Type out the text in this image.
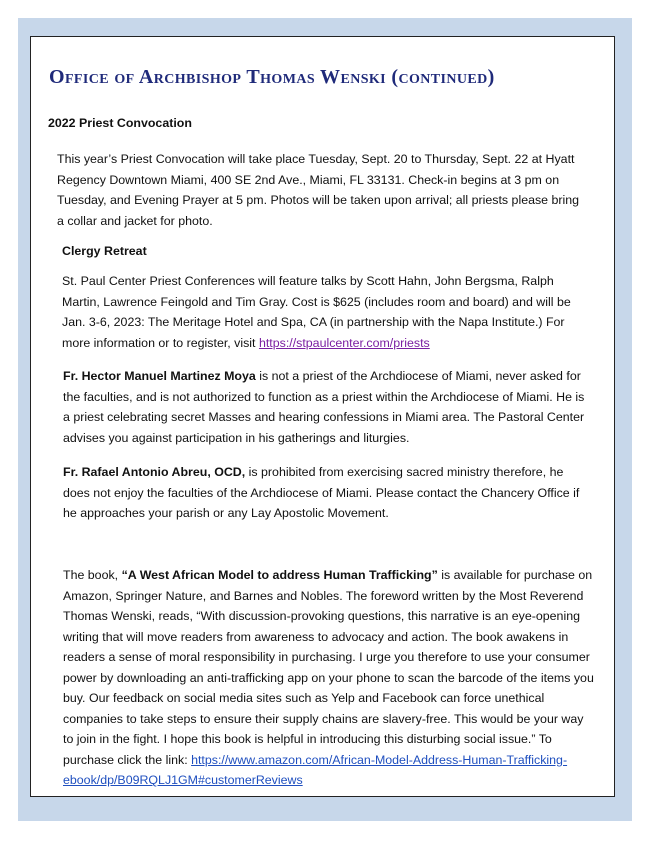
Office of Archbishop Thomas Wenski (continued)
2022 Priest Convocation

This year’s Priest Convocation will take place Tuesday, Sept. 20 to Thursday, Sept. 22 at Hyatt Regency Downtown Miami, 400 SE 2nd Ave., Miami, FL 33131. Check-in begins at 3 pm on Tuesday, and Evening Prayer at 5 pm. Photos will be taken upon arrival; all priests please bring a collar and jacket for photo.

Clergy Retreat

St. Paul Center Priest Conferences will feature talks by Scott Hahn, John Bergsma, Ralph Martin, Lawrence Feingold and Tim Gray. Cost is $625 (includes room and board) and will be Jan. 3-6, 2023: The Meritage Hotel and Spa, CA (in partnership with the Napa Institute.) For more information or to register, visit https://stpaulcenter.com/priests

Fr. Hector Manuel Martinez Moya is not a priest of the Archdiocese of Miami, never asked for the faculties, and is not authorized to function as a priest within the Archdiocese of Miami. He is a priest celebrating secret Masses and hearing confessions in Miami area. The Pastoral Center advises you against participation in his gatherings and liturgies.

Fr. Rafael Antonio Abreu, OCD, is prohibited from exercising sacred ministry therefore, he does not enjoy the faculties of the Archdiocese of Miami. Please contact the Chancery Office if he approaches your parish or any Lay Apostolic Movement.

The book, “A West African Model to address Human Trafficking” is available for purchase on Amazon, Springer Nature, and Barnes and Nobles. The foreword written by the Most Reverend Thomas Wenski, reads, “With discussion-provoking questions, this narrative is an eye-opening writing that will move readers from awareness to advocacy and action. The book awakens in readers a sense of moral responsibility in purchasing. I urge you therefore to use your consumer power by downloading an anti-trafficking app on your phone to scan the barcode of the items you buy. Our feedback on social media sites such as Yelp and Facebook can force unethical companies to take steps to ensure their supply chains are slavery-free. This would be your way to join in the fight. I hope this book is helpful in introducing this disturbing social issue.” To purchase click the link: https://www.amazon.com/African-Model-Address-Human-Trafficking-ebook/dp/B09RQLJ1GM#customerReviews
